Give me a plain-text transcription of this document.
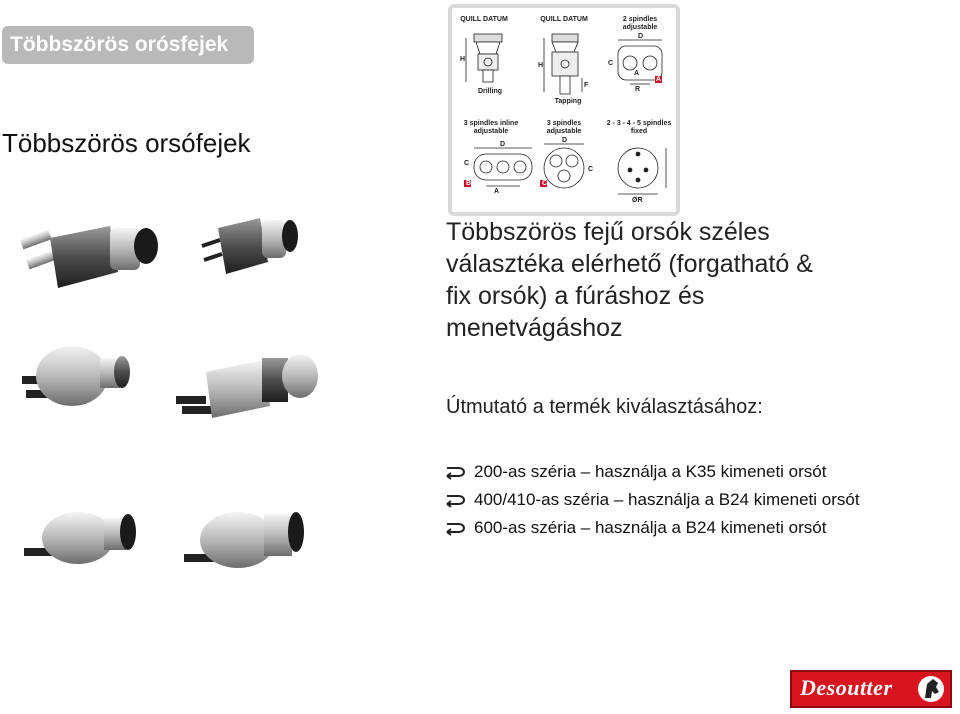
Többszörös orósfejek
Többszörös orsófejek
QUILL DATUM	QUILL DATUM	2 spindles adjustable
Drilling
Tapping
3 spindles inline adjustable
3 spindles adjustable
2 - 3 - 4 - 5 spindles fixed
H
H
F
D
C
A
R
A
D
C
A
B
D
C
C
ØR
Többszörös fejű orsók széles
választéka elérhető (forgatható &
fix orsók) a fúráshoz és
menetvágáshoz
Útmutató a termék kiválasztásához:
200-as széria – használja a K35 kimeneti orsót
400/410-as széria – használja a B24 kimeneti orsót
600-as széria – használja a B24 kimeneti orsót
Desoutter
